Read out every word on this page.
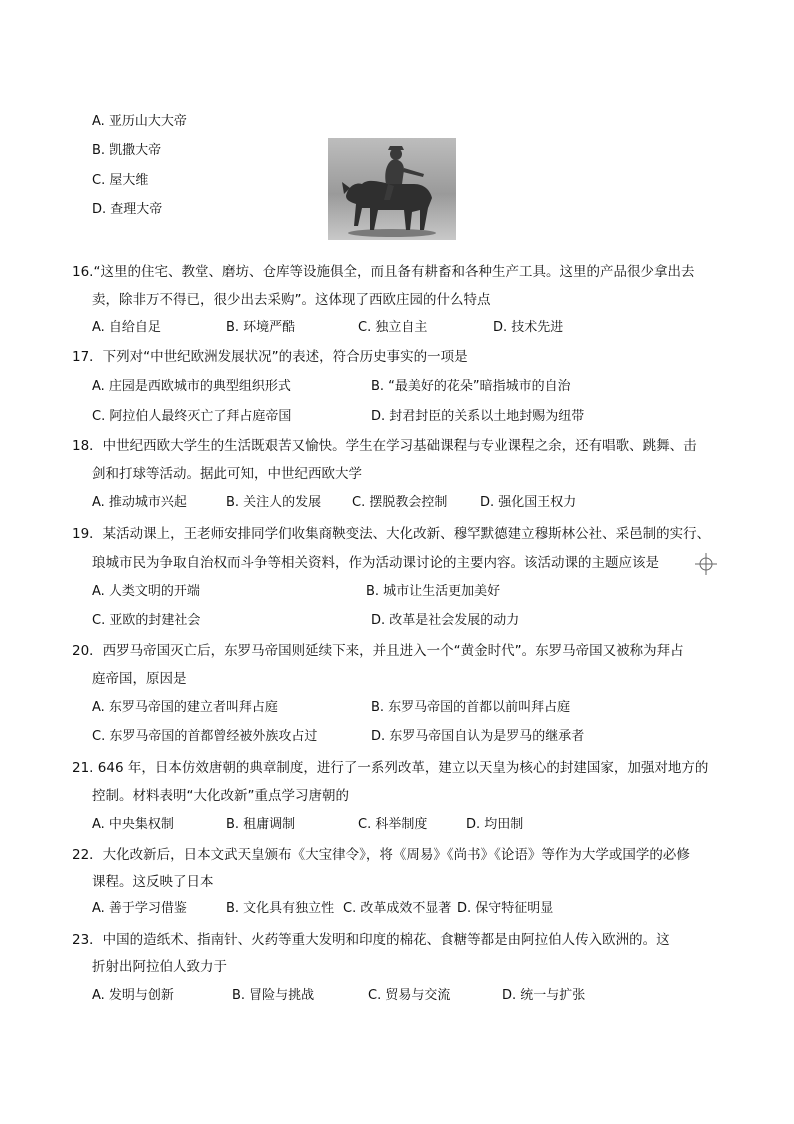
A. 亚历山大大帝
B. 凯撒大帝
C. 屋大维
D. 查理大帝
16.“这里的住宅、教堂、磨坊、仓库等设施俱全，而且备有耕畜和各种生产工具。这里的产品很少拿出去
卖，除非万不得已，很少出去采购”。这体现了西欧庄园的什么特点
A. 自给自足	B. 环境严酷	C. 独立自主	D. 技术先进
17．下列对“中世纪欧洲发展状况”的表述，符合历史事实的一项是
A. 庄园是西欧城市的典型组织形式	B. “最美好的花朵”暗指城市的自治
C. 阿拉伯人最终灭亡了拜占庭帝国	D. 封君封臣的关系以土地封赐为纽带
18．中世纪西欧大学生的生活既艰苦又愉快。学生在学习基础课程与专业课程之余，还有唱歌、跳舞、击
剑和打球等活动。据此可知，中世纪西欧大学
A. 推动城市兴起	B. 关注人的发展 C. 摆脱教会控制	D. 强化国王权力
19．某活动课上，王老师安排同学们收集商鞅变法、大化改新、穆罕默德建立穆斯林公社、采邑制的实行、
琅城市民为争取自治权而斗争等相关资料，作为活动课讨论的主要内容。该活动课的主题应该是
A. 人类文明的开端	B. 城市让生活更加美好
C. 亚欧的封建社会	D. 改革是社会发展的动力
20．西罗马帝国灭亡后，东罗马帝国则延续下来，并且进入一个“黄金时代”。东罗马帝国又被称为拜占
庭帝国，原因是
A. 东罗马帝国的建立者叫拜占庭	B. 东罗马帝国的首都以前叫拜占庭
C. 东罗马帝国的首都曾经被外族攻占过	D. 东罗马帝国自认为是罗马的继承者
21. 646 年，日本仿效唐朝的典章制度，进行了一系列改革，建立以天皇为核心的封建国家，加强对地方的
控制。材料表明“大化改新”重点学习唐朝的
A. 中央集权制	B. 租庸调制	C. 科举制度	D. 均田制
22．大化改新后，日本文武天皇颁布《大宝律令》，将《周易》《尚书》《论语》等作为大学或国学的必修
课程。这反映了日本
A. 善于学习借鉴	B. 文化具有独立性 C. 改革成效不显著 D. 保守特征明显
23．中国的造纸术、指南针、火药等重大发明和印度的棉花、食糖等都是由阿拉伯人传入欧洲的。这
折射出阿拉伯人致力于
A. 发明与创新	B. 冒险与挑战	C. 贸易与交流	D. 统一与扩张
